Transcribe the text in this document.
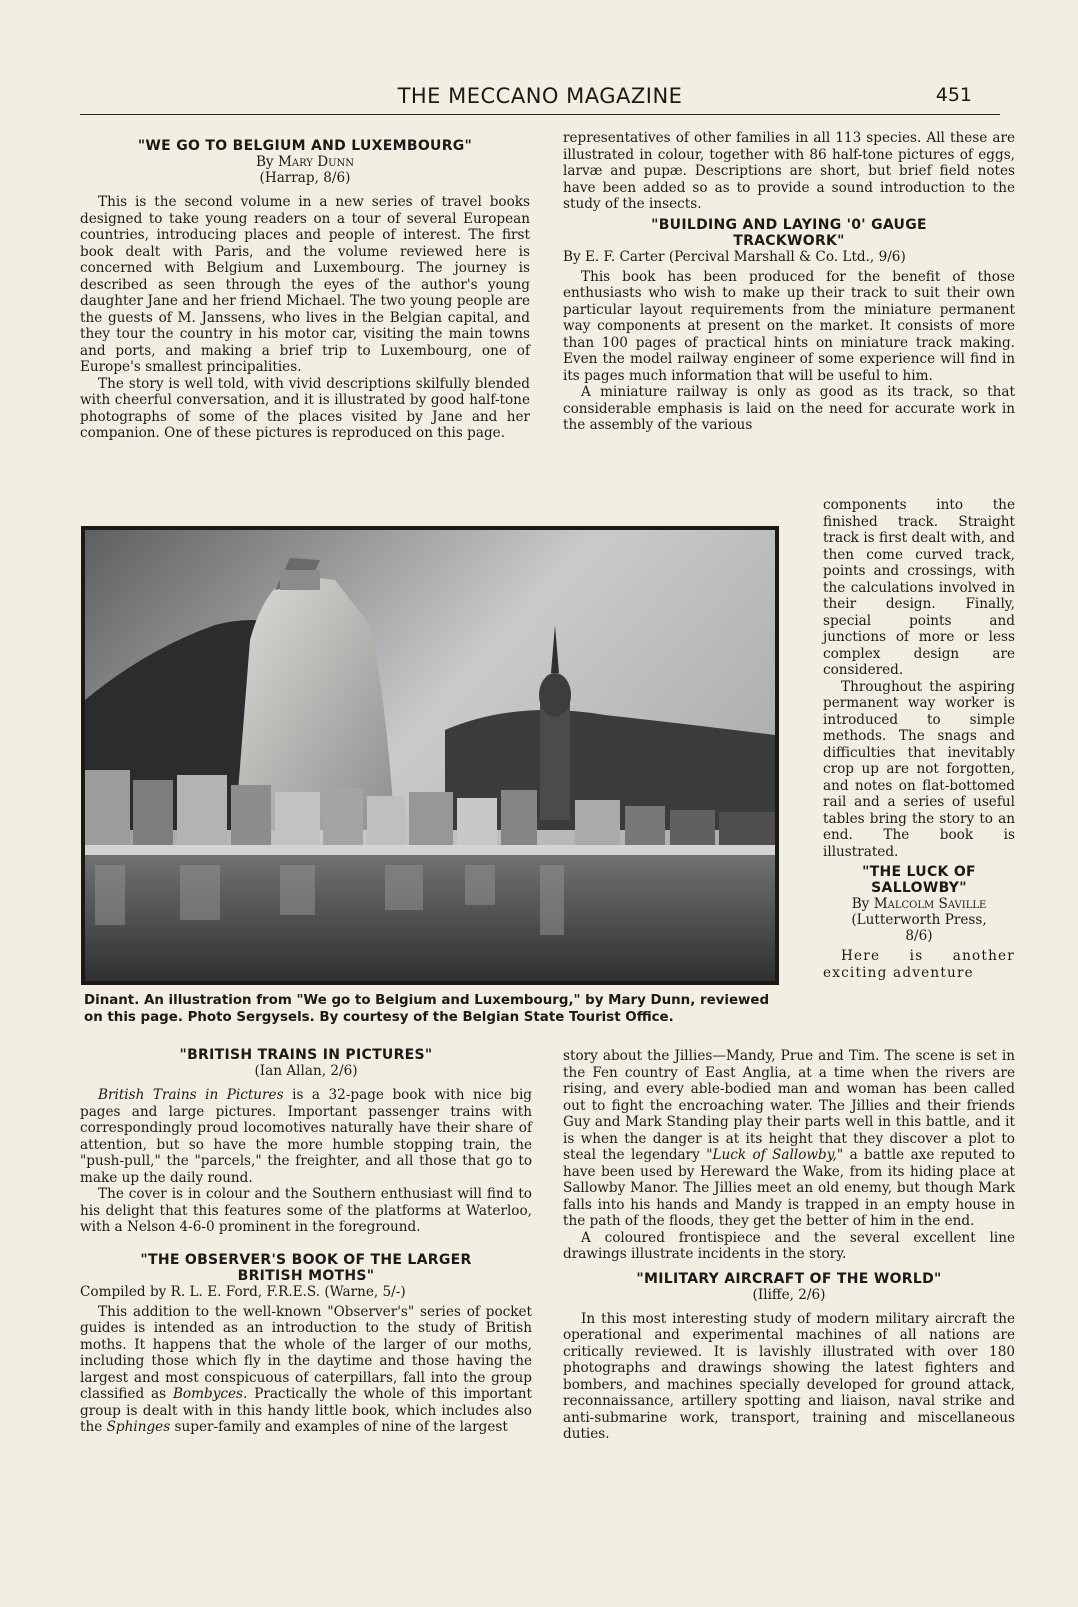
THE MECCANO MAGAZINE	451
"WE GO TO BELGIUM AND LUXEMBOURG"
By Mary Dunn
(Harrap, 8/6)

This is the second volume in a new series of travel books designed to take young readers on a tour of several European countries, introducing places and people of interest. The first book dealt with Paris, and the volume reviewed here is concerned with Belgium and Luxembourg. The journey is described as seen through the eyes of the author's young daughter Jane and her friend Michael. The two young people are the guests of M. Janssens, who lives in the Belgian capital, and they tour the country in his motor car, visiting the main towns and ports, and making a brief trip to Luxembourg, one of Europe's smallest principalities.

The story is well told, with vivid descriptions skilfully blended with cheerful conversation, and it is illustrated by good half-tone photographs of some of the places visited by Jane and her companion. One of these pictures is reproduced on this page.

representatives of other families in all 113 species. All these are illustrated in colour, together with 86 half-tone pictures of eggs, larvæ and pupæ. Descriptions are short, but brief field notes have been added so as to provide a sound introduction to the study of the insects.

"BUILDING AND LAYING '0' GAUGE
TRACKWORK"
By E. F. Carter (Percival Marshall & Co. Ltd., 9/6)

This book has been produced for the benefit of those enthusiasts who wish to make up their track to suit their own particular layout requirements from the miniature permanent way components at present on the market. It consists of more than 100 pages of practical hints on miniature track making. Even the model railway engineer of some experience will find in its pages much information that will be useful to him.

A miniature railway is only as good as its track, so that considerable emphasis is laid on the need for accurate work in the assembly of the various

components into the finished track. Straight track is first dealt with, and then come curved track, points and crossings, with the calculations involved in their design. Finally, special points and junctions of more or less complex design are considered.

Throughout the aspiring permanent way worker is introduced to simple methods. The snags and difficulties that inevitably crop up are not forgotten, and notes on flat-bottomed rail and a series of useful tables bring the story to an end. The book is illustrated.

"THE LUCK OF
SALLOWBY"
By Malcolm Saville
(Lutterworth Press,
8/6)

Here is another exciting adventure

Dinant. An illustration from "We go to Belgium and Luxembourg," by Mary Dunn, reviewed on this page. Photo Sergysels. By courtesy of the Belgian State Tourist Office.

story about the Jillies—Mandy, Prue and Tim. The scene is set in the Fen country of East Anglia, at a time when the rivers are rising, and every able-bodied man and woman has been called out to fight the encroaching water. The Jillies and their friends Guy and Mark Standing play their parts well in this battle, and it is when the danger is at its height that they discover a plot to steal the legendary "Luck of Sallowby," a battle axe reputed to have been used by Hereward the Wake, from its hiding place at Sallowby Manor. The Jillies meet an old enemy, but though Mark falls into his hands and Mandy is trapped in an empty house in the path of the floods, they get the better of him in the end.

A coloured frontispiece and the several excellent line drawings illustrate incidents in the story.

"MILITARY AIRCRAFT OF THE WORLD"
(Iliffe, 2/6)

In this most interesting study of modern military aircraft the operational and experimental machines of all nations are critically reviewed. It is lavishly illustrated with over 180 photographs and drawings showing the latest fighters and bombers, and machines specially developed for ground attack, reconnaissance, artillery spotting and liaison, naval strike and anti-submarine work, transport, training and miscellaneous duties.

"BRITISH TRAINS IN PICTURES"
(Ian Allan, 2/6)

British Trains in Pictures is a 32-page book with nice big pages and large pictures. Important passenger trains with correspondingly proud locomotives naturally have their share of attention, but so have the more humble stopping train, the "push-pull," the "parcels," the freighter, and all those that go to make up the daily round.

The cover is in colour and the Southern enthusiast will find to his delight that this features some of the platforms at Waterloo, with a Nelson 4-6-0 prominent in the foreground.

"THE OBSERVER'S BOOK OF THE LARGER
BRITISH MOTHS"
Compiled by R. L. E. Ford, F.R.E.S. (Warne, 5/-)

This addition to the well-known "Observer's" series of pocket guides is intended as an introduction to the study of British moths. It happens that the whole of the larger of our moths, including those which fly in the daytime and those having the largest and most conspicuous of caterpillars, fall into the group classified as Bombyces. Practically the whole of this important group is dealt with in this handy little book, which includes also the Sphinges super-family and examples of nine of the largest
